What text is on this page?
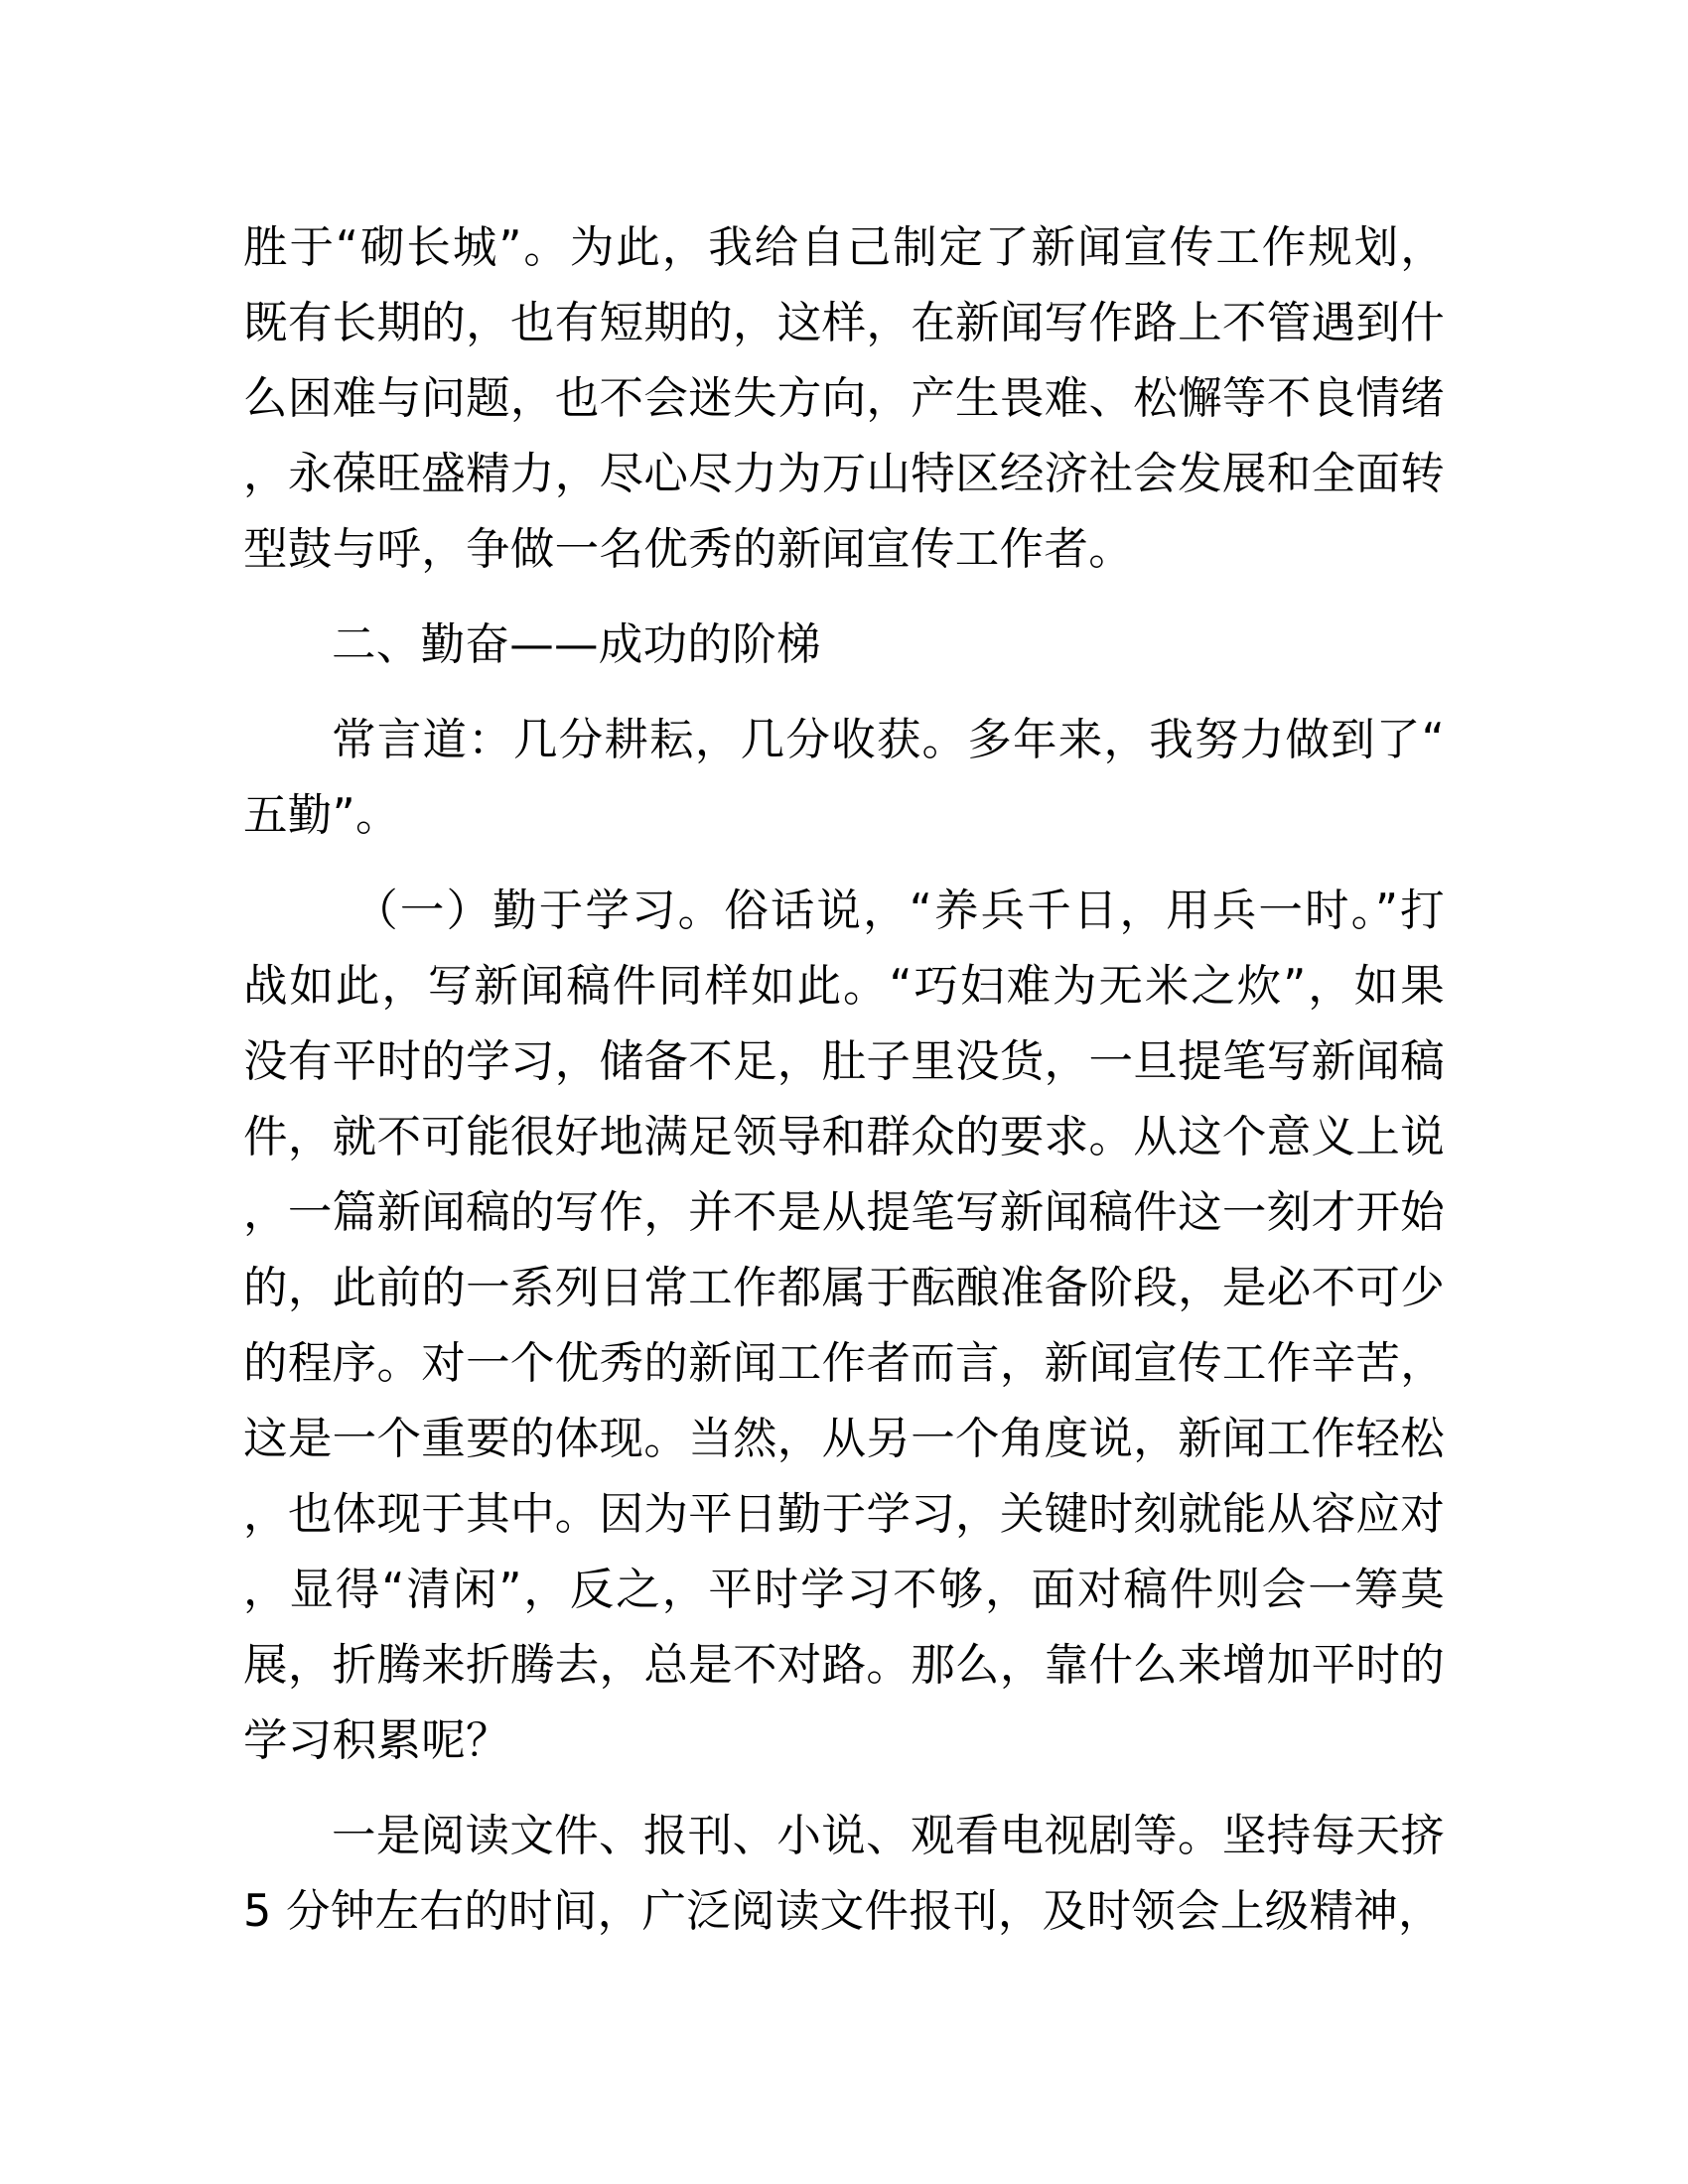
胜于“砌长城”。为此，我给自己制定了新闻宣传工作规划，既有长期的，也有短期的，这样，在新闻写作路上不管遇到什么困难与问题，也不会迷失方向，产生畏难、松懈等不良情绪，永葆旺盛精力，尽心尽力为万山特区经济社会发展和全面转型鼓与呼，争做一名优秀的新闻宣传工作者。

二、勤奋——成功的阶梯

常言道：几分耕耘，几分收获。多年来，我努力做到了“五勤”。

（一）勤于学习。俗话说，“养兵千日，用兵一时。”打战如此，写新闻稿件同样如此。“巧妇难为无米之炊”，如果没有平时的学习，储备不足，肚子里没货，一旦提笔写新闻稿件，就不可能很好地满足领导和群众的要求。从这个意义上说，一篇新闻稿的写作，并不是从提笔写新闻稿件这一刻才开始的，此前的一系列日常工作都属于酝酿准备阶段，是必不可少的程序。对一个优秀的新闻工作者而言，新闻宣传工作辛苦，这是一个重要的体现。当然，从另一个角度说，新闻工作轻松，也体现于其中。因为平日勤于学习，关键时刻就能从容应对，显得“清闲”，反之，平时学习不够，面对稿件则会一筹莫展，折腾来折腾去，总是不对路。那么，靠什么来增加平时的学习积累呢？

一是阅读文件、报刊、小说、观看电视剧等。坚持每天挤 5 分钟左右的时间，广泛阅读文件报刊，及时领会上级精神，
